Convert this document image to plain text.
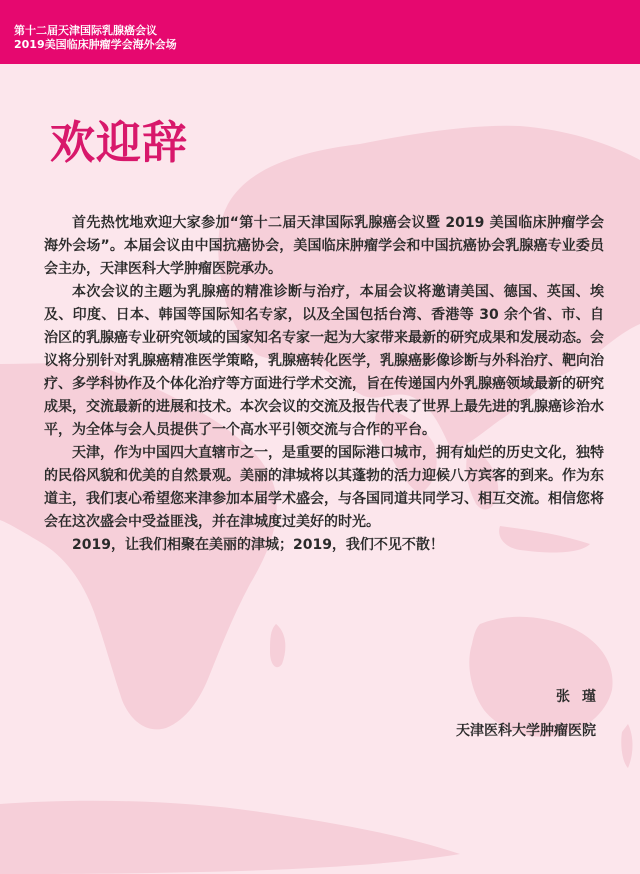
第十二届天津国际乳腺癌会议
2019美国临床肿瘤学会海外会场
欢迎辞

首先热忱地欢迎大家参加“第十二届天津国际乳腺癌会议暨 2019 美国临床肿瘤学会海外会场”。本届会议由中国抗癌协会，美国临床肿瘤学会和中国抗癌协会乳腺癌专业委员会主办，天津医科大学肿瘤医院承办。

本次会议的主题为乳腺癌的精准诊断与治疗，本届会议将邀请美国、德国、英国、埃及、印度、日本、韩国等国际知名专家，以及全国包括台湾、香港等 30 余个省、市、自治区的乳腺癌专业研究领域的国家知名专家一起为大家带来最新的研究成果和发展动态。会议将分别针对乳腺癌精准医学策略，乳腺癌转化医学，乳腺癌影像诊断与外科治疗、靶向治疗、多学科协作及个体化治疗等方面进行学术交流，旨在传递国内外乳腺癌领域最新的研究成果，交流最新的进展和技术。本次会议的交流及报告代表了世界上最先进的乳腺癌诊治水平，为全体与会人员提供了一个高水平引领交流与合作的平台。

天津，作为中国四大直辖市之一，是重要的国际港口城市，拥有灿烂的历史文化，独特的民俗风貌和优美的自然景观。美丽的津城将以其蓬勃的活力迎候八方宾客的到来。作为东道主，我们衷心希望您来津参加本届学术盛会，与各国同道共同学习、相互交流。相信您将会在这次盛会中受益匪浅，并在津城度过美好的时光。

2019，让我们相聚在美丽的津城；2019，我们不见不散！

张瑾
天津医科大学肿瘤医院
